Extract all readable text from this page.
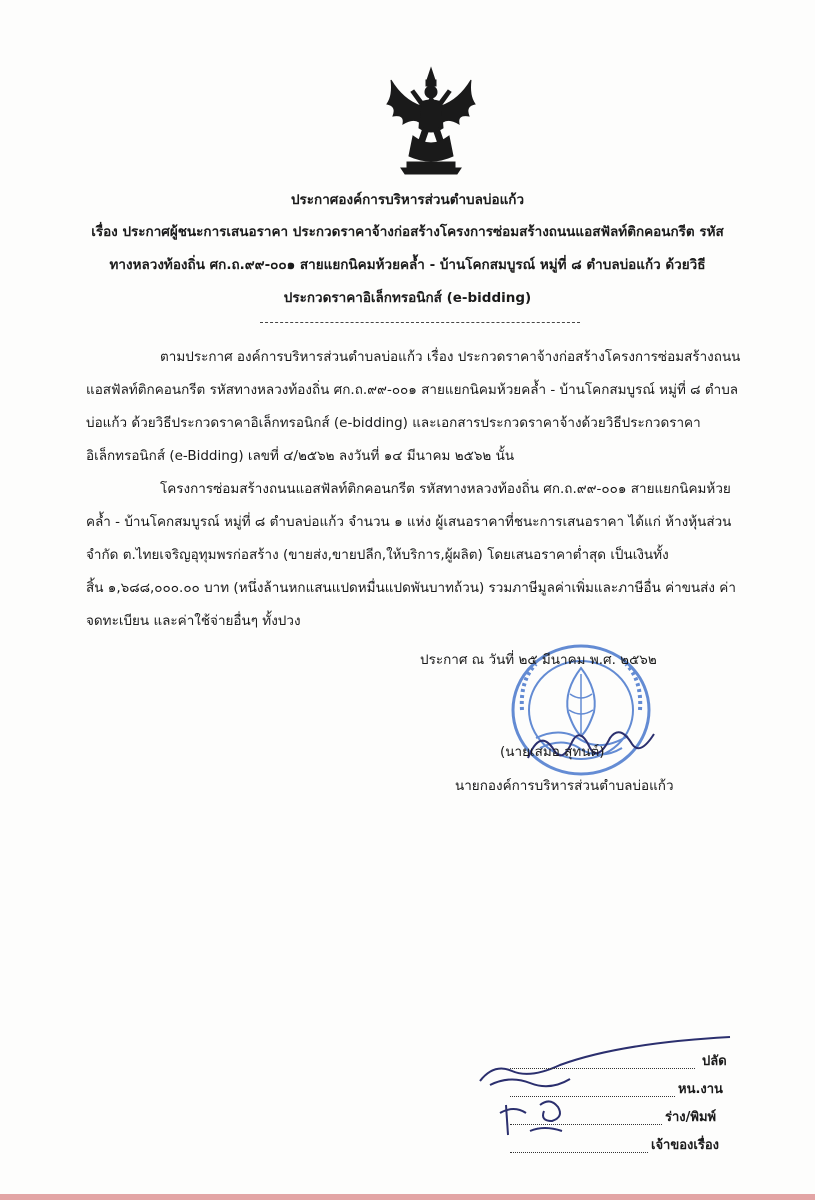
ประกาศองค์การบริหารส่วนตำบลบ่อแก้ว
เรื่อง ประกาศผู้ชนะการเสนอราคา ประกวดราคาจ้างก่อสร้างโครงการซ่อมสร้างถนนแอสฟัลท์ติกคอนกรีต รหัส
ทางหลวงท้องถิ่น ศก.ถ.๙๙-๐๐๑ สายแยกนิคมห้วยคล้ำ - บ้านโคกสมบูรณ์ หมู่ที่ ๘ ตำบลบ่อแก้ว ด้วยวิธี
ประกวดราคาอิเล็กทรอนิกส์ (e-bidding)
ตามประกาศ องค์การบริหารส่วนตำบลบ่อแก้ว เรื่อง ประกวดราคาจ้างก่อสร้างโครงการซ่อมสร้างถนน
แอสฟัลท์ติกคอนกรีต รหัสทางหลวงท้องถิ่น ศก.ถ.๙๙-๐๐๑ สายแยกนิคมห้วยคล้ำ - บ้านโคกสมบูรณ์ หมู่ที่ ๘ ตำบล
บ่อแก้ว ด้วยวิธีประกวดราคาอิเล็กทรอนิกส์ (e-bidding) และเอกสารประกวดราคาจ้างด้วยวิธีประกวดราคา
อิเล็กทรอนิกส์ (e-Bidding) เลขที่ ๔/๒๕๖๒ ลงวันที่ ๑๔ มีนาคม ๒๕๖๒ นั้น
โครงการซ่อมสร้างถนนแอสฟัลท์ติกคอนกรีต รหัสทางหลวงท้องถิ่น ศก.ถ.๙๙-๐๐๑ สายแยกนิคมห้วย
คล้ำ - บ้านโคกสมบูรณ์ หมู่ที่ ๘ ตำบลบ่อแก้ว จำนวน ๑ แห่ง ผู้เสนอราคาที่ชนะการเสนอราคา ได้แก่ ห้างหุ้นส่วน
จำกัด ต.ไทยเจริญอุทุมพรก่อสร้าง (ขายส่ง,ขายปลีก,ให้บริการ,ผู้ผลิต) โดยเสนอราคาต่ำสุด เป็นเงินทั้ง
สิ้น ๑,๖๘๘,๐๐๐.๐๐ บาท (หนึ่งล้านหกแสนแปดหมื่นแปดพันบาทถ้วน) รวมภาษีมูลค่าเพิ่มและภาษีอื่น ค่าขนส่ง ค่า
จดทะเบียน และค่าใช้จ่ายอื่นๆ ทั้งปวง
ประกาศ ณ วันที่ ๒๕ มีนาคม พ.ศ. ๒๕๖๒
(นายเสมอ สุทนต์)
นายกองค์การบริหารส่วนตำบลบ่อแก้ว
ปลัด
หน.งาน
ร่าง/พิมพ์
เจ้าของเรื่อง
